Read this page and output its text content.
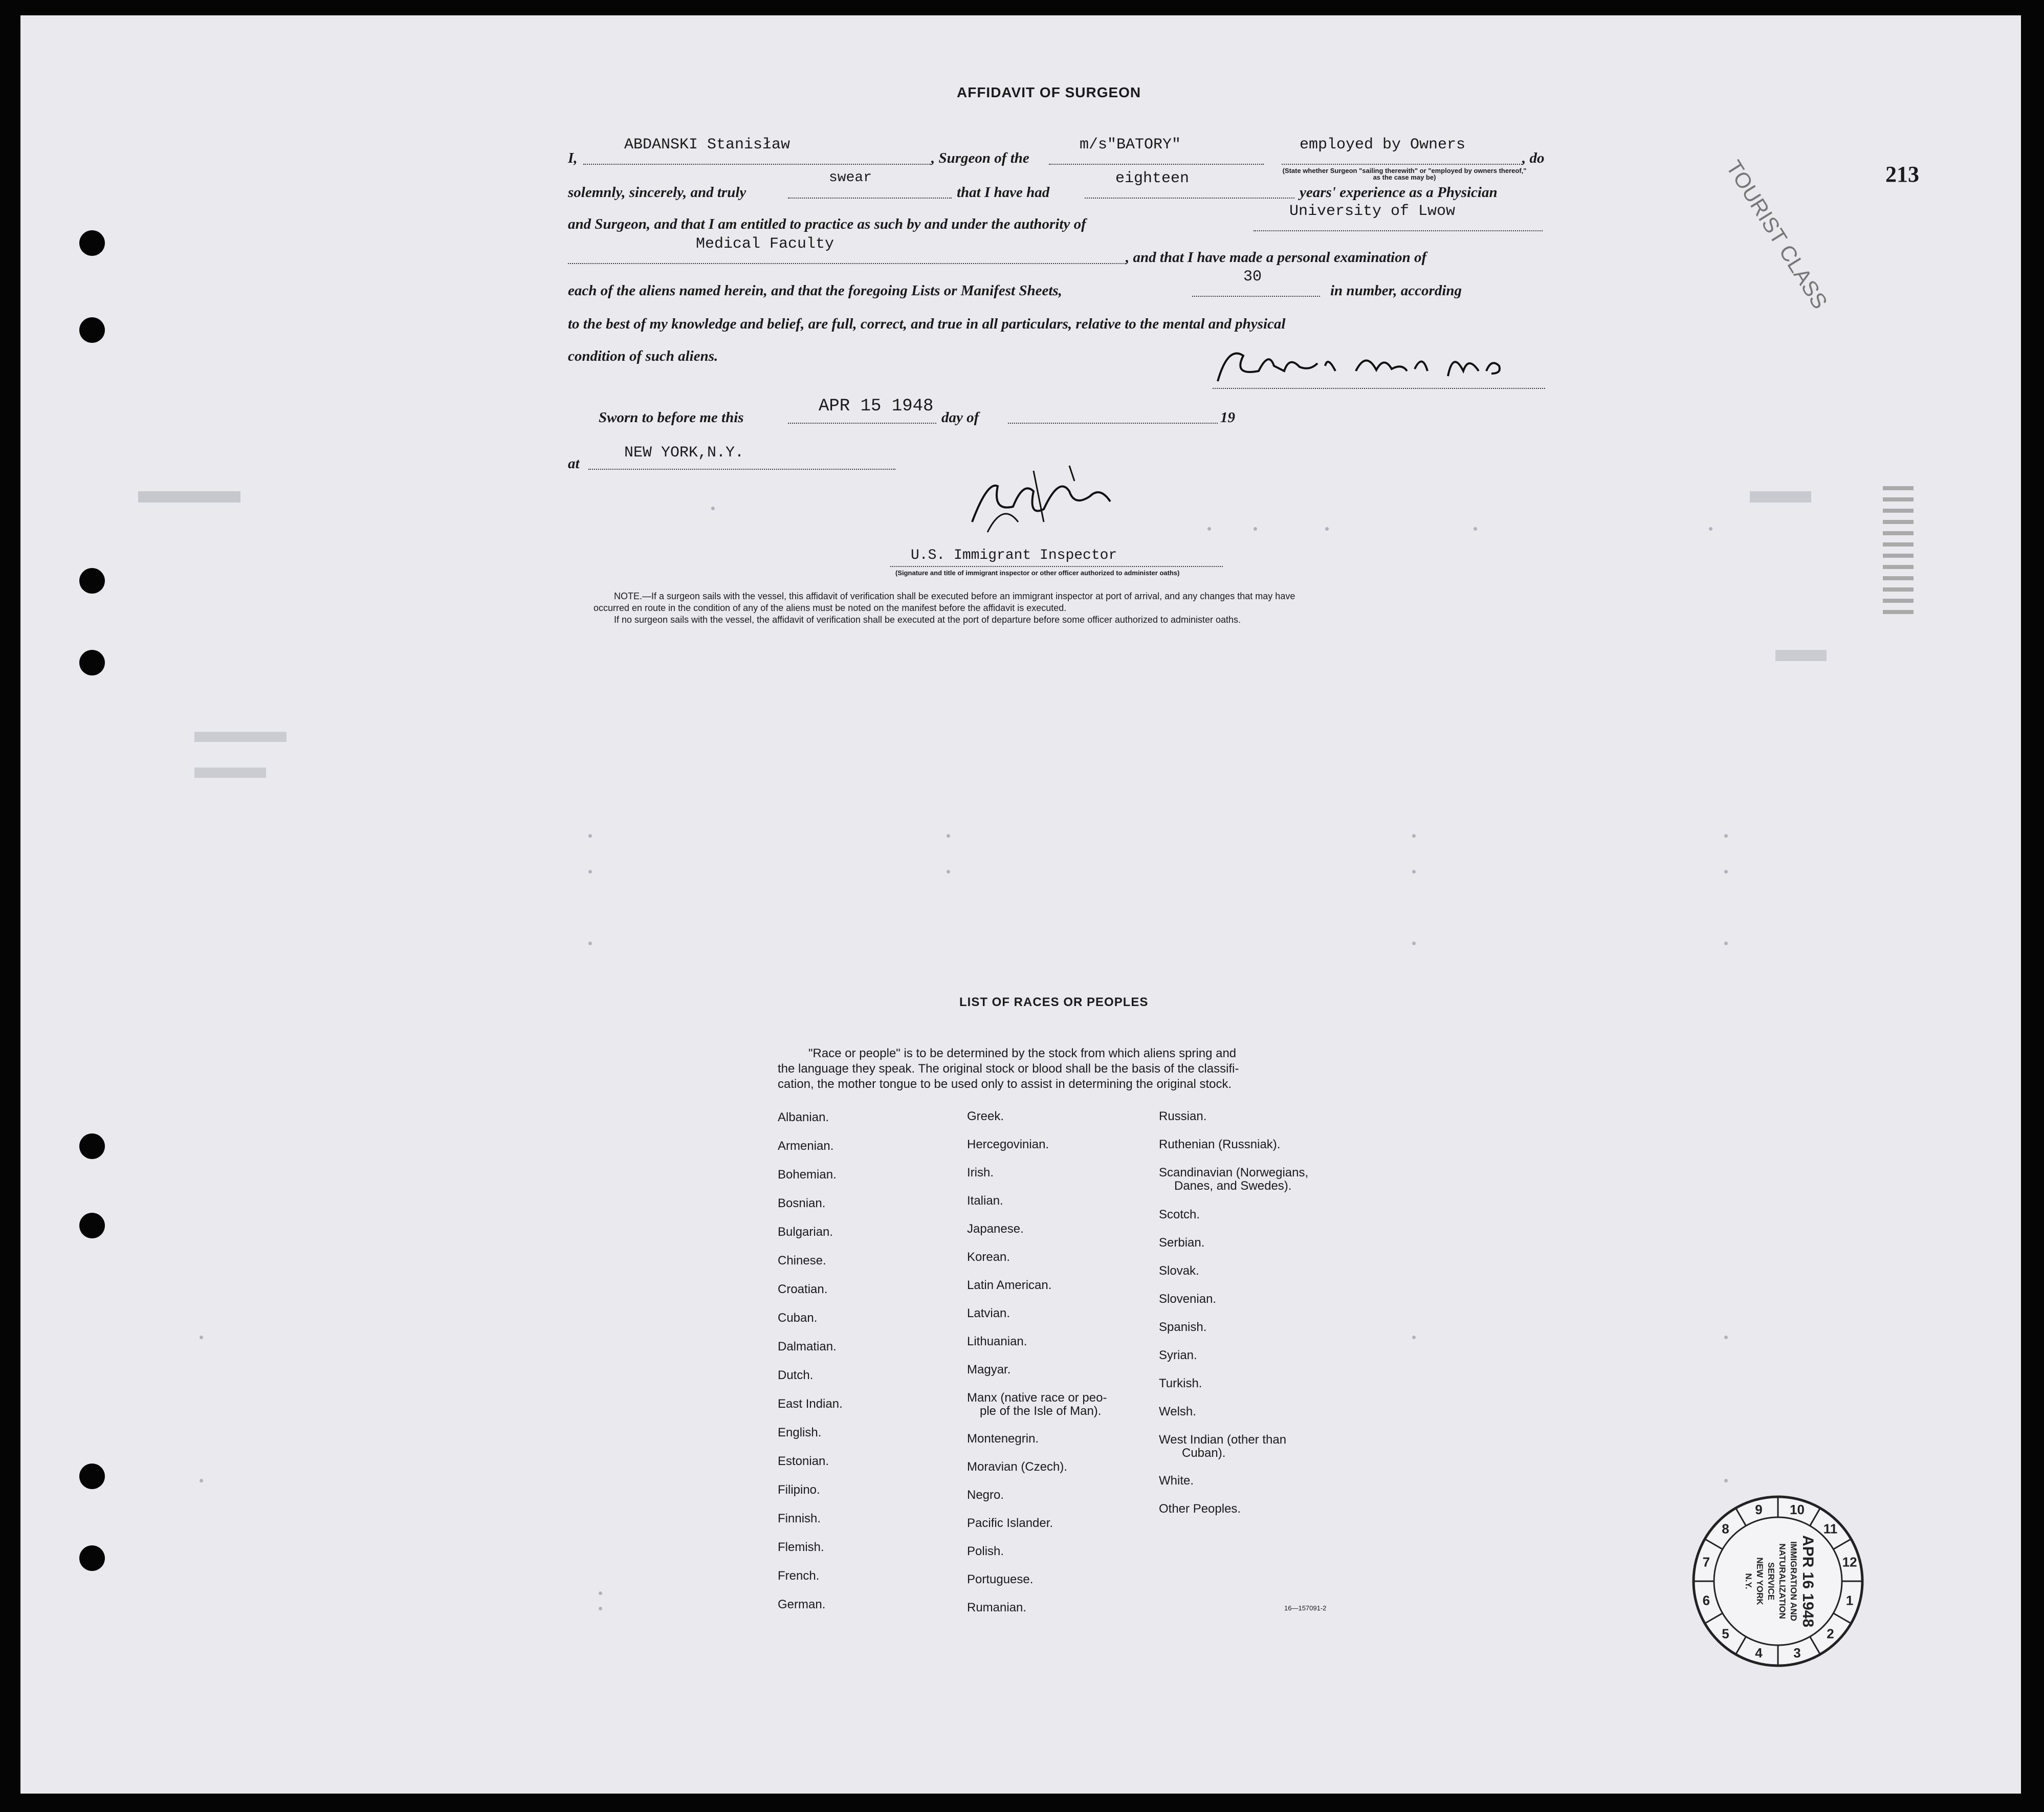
AFFIDAVIT OF SURGEON
I,
ABDANSKI Stanisław
, Surgeon of the
m/s"BATORY"	employed by Owners
, do
(State whether Surgeon "sailing therewith" or "employed by owners thereof," as the case may be)
solemnly, sincerely, and truly
swear
that I have had
eighteen
years' experience as a Physician
and Surgeon, and that I am entitled to practice as such by and under the authority of
University of Lwow
Medical Faculty
, and that I have made a personal examination of
each of the aliens named herein, and that the foregoing Lists or Manifest Sheets,
30
in number, according
to the best of my knowledge and belief, are full, correct, and true in all particulars, relative to the mental and physical
condition of such aliens.
Sworn to before me this
APR 15 1948
day of	19
at
NEW YORK,N.Y.
U.S. Immigrant Inspector
(Signature and title of immigrant inspector or other officer authorized to administer oaths)
NOTE.—If a surgeon sails with the vessel, this affidavit of verification shall be executed before an immigrant inspector at port of arrival, and any changes that may have
occurred en route in the condition of any of the aliens must be noted on the manifest before the affidavit is executed.
If no surgeon sails with the vessel, the affidavit of verification shall be executed at the port of departure before some officer authorized to administer oaths.
213
TOURIST CLASS
LIST OF RACES OR PEOPLES
"Race or people" is to be determined by the stock from which aliens spring and
the language they speak. The original stock or blood shall be the basis of the classifi-
cation, the mother tongue to be used only to assist in determining the original stock.
Albanian.
Armenian.
Bohemian.
Bosnian.
Bulgarian.
Chinese.
Croatian.
Cuban.
Dalmatian.
Dutch.
East Indian.
English.
Estonian.
Filipino.
Finnish.
Flemish.
French.
German.
Greek.
Hercegovinian.
Irish.
Italian.
Japanese.
Korean.
Latin American.
Latvian.
Lithuanian.
Magyar.
Manx (native race or peo-
ple of the Isle of Man).
Montenegrin.
Moravian (Czech).
Negro.
Pacific Islander.
Polish.
Portuguese.
Rumanian.
Russian.
Ruthenian (Russniak).
Scandinavian (Norwegians,
Danes, and Swedes).
Scotch.
Serbian.
Slovak.
Slovenian.
Spanish.
Syrian.
Turkish.
Welsh.
West Indian (other than
Cuban).
White.
Other Peoples.
16—157091-2
10
11
12
1
2
3
4
5
6
7
8
9
APR 16 1948
IMMIGRATION AND
NATURALIZATION
SERVICE
NEW YORK
N.Y.
